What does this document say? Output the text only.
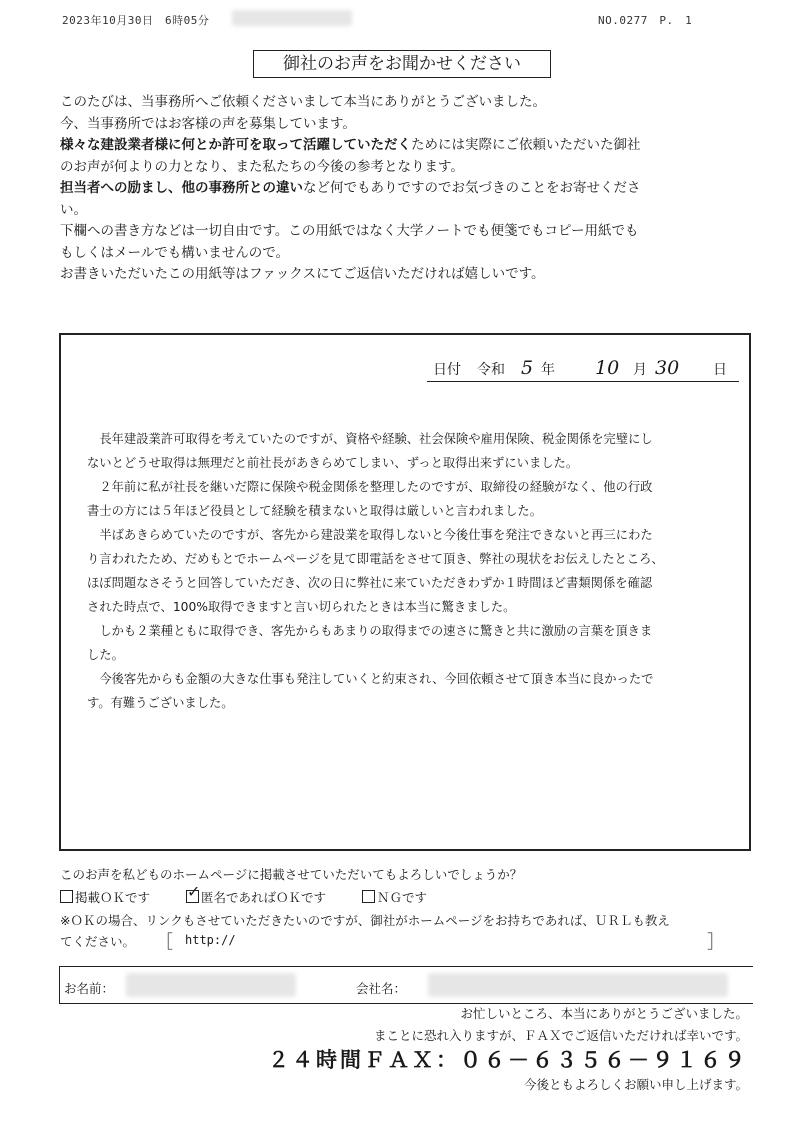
2023年10月30日　6時05分	NO.0277　P.　1
御社のお声をお聞かせください

このたびは、当事務所へご依頼くださいまして本当にありがとうございました。

今、当事務所ではお客様の声を募集しています。

様々な建設業者様に何とか許可を取って活躍していただくためには実際にご依頼いただいた御社

のお声が何よりの力となり、また私たちの今後の参考となります。

担当者への励まし、他の事務所との違いなど何でもありですのでお気づきのことをお寄せくださ

い。

下欄への書き方などは一切自由です。この用紙ではなく大学ノートでも便箋でもコピー用紙でも

もしくはメールでも構いませんので。

お書きいただいたこの用紙等はファックスにてご返信いただければ嬉しいです。

日付 令和 5 年 10 月 30 日

　長年建設業許可取得を考えていたのですが、資格や経験、社会保険や雇用保険、税金関係を完璧にし

ないとどうせ取得は無理だと前社長があきらめてしまい、ずっと取得出来ずにいました。

　２年前に私が社長を継いだ際に保険や税金関係を整理したのですが、取締役の経験がなく、他の行政

書士の方には５年ほど役員として経験を積まないと取得は厳しいと言われました。

　半ばあきらめていたのですが、客先から建設業を取得しないと今後仕事を発注できないと再三にわた

り言われたため、だめもとでホームページを見て即電話をさせて頂き、弊社の現状をお伝えしたところ、

ほぼ問題なさそうと回答していただき、次の日に弊社に来ていただきわずか１時間ほど書類関係を確認

された時点で、100%取得できますと言い切られたときは本当に驚きました。

　しかも２業種ともに取得でき、客先からもあまりの取得までの速さに驚きと共に激励の言葉を頂きま

した。

　今後客先からも金額の大きな仕事も発注していくと約束され、今回依頼させて頂き本当に良かったで

す。有難うございました。

このお声を私どものホームページに掲載させていただいてもよろしいでしょうか？
掲載ＯＫです  ✓	匿名であればＯＫです	ＮＧです
※ＯＫの場合、リンクもさせていただきたいのですが、御社がホームページをお持ちであれば、ＵＲＬも教え
てください。	［ http://	］
お名前：	会社名：
お忙しいところ、本当にありがとうございました。
まことに恐れ入りますが、ＦＡＸでご返信いただければ幸いです。
２４時間ＦＡＸ：０６－６３５６－９１６９
今後ともよろしくお願い申し上げます。
